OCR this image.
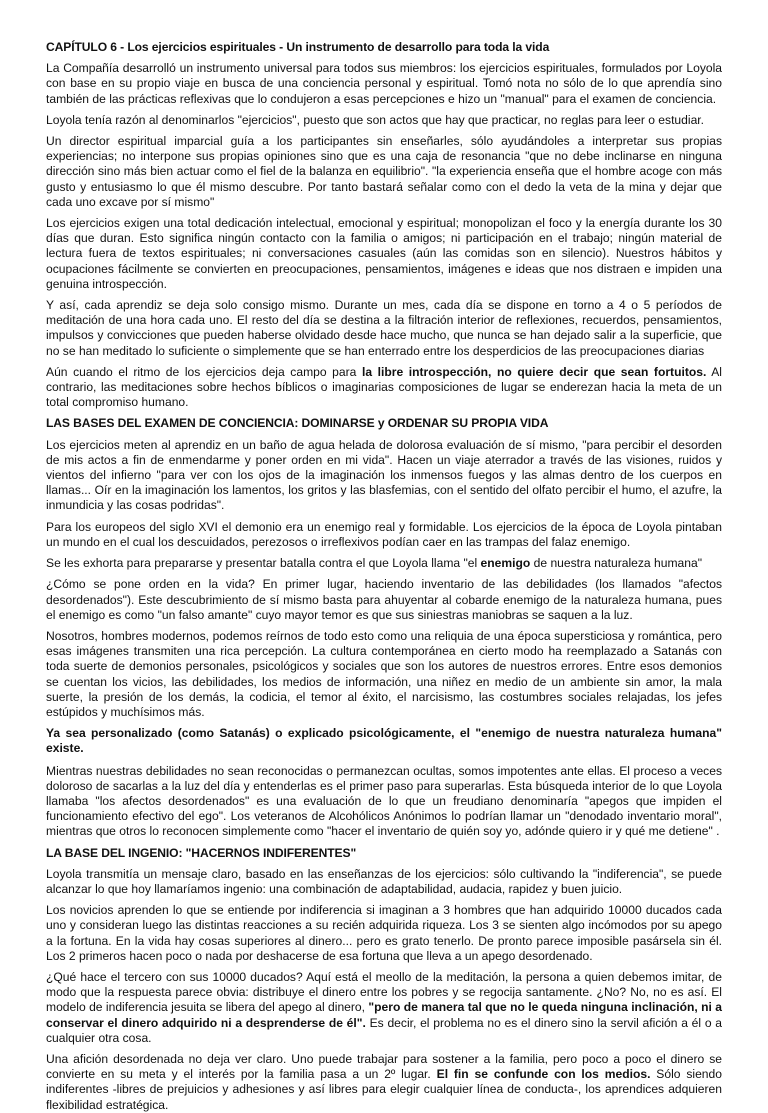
CAPÍTULO 6 - Los ejercicios espirituales - Un instrumento de desarrollo para toda la vida
La Compañía desarrolló un instrumento universal para todos sus miembros: los ejercicios espirituales, formulados por Loyola con base en su propio viaje en busca de una conciencia personal y espiritual. Tomó nota no sólo de lo que aprendía sino también de las prácticas reflexivas que lo condujeron a esas percepciones e hizo un "manual" para el examen de conciencia.
Loyola tenía razón al denominarlos "ejercicios", puesto que son actos que hay que practicar, no reglas para leer o estudiar.
Un director espiritual imparcial guía a los participantes sin enseñarles, sólo ayudándoles a interpretar sus propias experiencias; no interpone sus propias opiniones sino que es una caja de resonancia "que no debe inclinarse en ninguna dirección sino más bien actuar como el fiel de la balanza en equilibrio". "la experiencia enseña que el hombre acoge con más gusto y entusiasmo lo que él mismo descubre. Por tanto bastará señalar como con el dedo la veta de la mina y dejar que cada uno excave por sí mismo"
Los ejercicios exigen una total dedicación intelectual, emocional y espiritual; monopolizan el foco y la energía durante los 30 días que duran. Esto significa ningún contacto con la familia o amigos; ni participación en el trabajo; ningún material de lectura fuera de textos espirituales; ni conversaciones casuales (aún las comidas son en silencio). Nuestros hábitos y ocupaciones fácilmente se convierten en preocupaciones, pensamientos, imágenes e ideas que nos distraen e impiden una genuina introspección.
Y así, cada aprendiz se deja solo consigo mismo. Durante un mes, cada día se dispone en torno a 4 o 5 períodos de meditación de una hora cada uno. El resto del día se destina a la filtración interior de reflexiones, recuerdos, pensamientos, impulsos y convicciones que pueden haberse olvidado desde hace mucho, que nunca se han dejado salir a la superficie, que no se han meditado lo suficiente o simplemente que se han enterrado entre los desperdicios de las preocupaciones diarias
Aún cuando el ritmo de los ejercicios deja campo para la libre introspección, no quiere decir que sean fortuitos. Al contrario, las meditaciones sobre hechos bíblicos o imaginarias composiciones de lugar se enderezan hacia la meta de un total compromiso humano.
LAS BASES DEL EXAMEN DE CONCIENCIA: DOMINARSE y ORDENAR SU PROPIA VIDA
Los ejercicios meten al aprendiz en un baño de agua helada de dolorosa evaluación de sí mismo, "para percibir el desorden de mis actos a fin de enmendarme y poner orden en mi vida". Hacen un viaje aterrador a través de las visiones, ruidos y vientos del infierno "para ver con los ojos de la imaginación los inmensos fuegos y las almas dentro de los cuerpos en llamas... Oír en la imaginación los lamentos, los gritos y las blasfemias, con el sentido del olfato percibir el humo, el azufre, la inmundicia y las cosas podridas".
Para los europeos del siglo XVI el demonio era un enemigo real y formidable. Los ejercicios de la época de Loyola pintaban un mundo en el cual los descuidados, perezosos o irreflexivos podían caer en las trampas del falaz enemigo.
Se les exhorta para prepararse y presentar batalla contra el que Loyola llama "el enemigo de nuestra naturaleza humana"
¿Cómo se pone orden en la vida? En primer lugar, haciendo inventario de las debilidades (los llamados "afectos desordenados"). Este descubrimiento de sí mismo basta para ahuyentar al cobarde enemigo de la naturaleza humana, pues el enemigo es como "un falso amante" cuyo mayor temor es que sus siniestras maniobras se saquen a la luz.
Nosotros, hombres modernos, podemos reírnos de todo esto como una reliquia de una época supersticiosa y romántica, pero esas imágenes transmiten una rica percepción. La cultura contemporánea en cierto modo ha reemplazado a Satanás con toda suerte de demonios personales, psicológicos y sociales que son los autores de nuestros errores. Entre esos demonios se cuentan los vicios, las debilidades, los medios de información, una niñez en medio de un ambiente sin amor, la mala suerte, la presión de los demás, la codicia, el temor al éxito, el narcisismo, las costumbres sociales relajadas, los jefes estúpidos y muchísimos más.
Ya sea personalizado (como Satanás) o explicado psicológicamente, el "enemigo de nuestra naturaleza humana" existe.
Mientras nuestras debilidades no sean reconocidas o permanezcan ocultas, somos impotentes ante ellas. El proceso a veces doloroso de sacarlas a la luz del día y entenderlas es el primer paso para superarlas. Esta búsqueda interior de lo que Loyola llamaba "los afectos desordenados" es una evaluación de lo que un freudiano denominaría "apegos que impiden el funcionamiento efectivo del ego". Los veteranos de Alcohólicos Anónimos lo podrían llamar un "denodado inventario moral", mientras que otros lo reconocen simplemente como "hacer el inventario de quién soy yo, adónde quiero ir y qué me detiene" .
LA BASE DEL INGENIO: "HACERNOS INDIFERENTES"
Loyola transmitía un mensaje claro, basado en las enseñanzas de los ejercicios: sólo cultivando la "indiferencia", se puede alcanzar lo que hoy llamaríamos ingenio: una combinación de adaptabilidad, audacia, rapidez y buen juicio.
Los novicios aprenden lo que se entiende por indiferencia si imaginan a 3 hombres que han adquirido 10000 ducados cada uno y consideran luego las distintas reacciones a su recién adquirida riqueza. Los 3 se sienten algo incómodos por su apego a la fortuna. En la vida hay cosas superiores al dinero... pero es grato tenerlo. De pronto parece imposible pasársela sin él. Los 2 primeros hacen poco o nada por deshacerse de esa fortuna que lleva a un apego desordenado.
¿Qué hace el tercero con sus 10000 ducados? Aquí está el meollo de la meditación, la persona a quien debemos imitar, de modo que la respuesta parece obvia: distribuye el dinero entre los pobres y se regocija santamente. ¿No? No, no es así. El modelo de indiferencia jesuita se libera del apego al dinero, "pero de manera tal que no le queda ninguna inclinación, ni a conservar el dinero adquirido ni a desprenderse de él". Es decir, el problema no es el dinero sino la servil afición a él o a cualquier otra cosa.
Una afición desordenada no deja ver claro. Uno puede trabajar para sostener a la familia, pero poco a poco el dinero se convierte en su meta y el interés por la familia pasa a un 2º lugar. El fin se confunde con los medios. Sólo siendo indiferentes -libres de prejuicios y adhesiones y así libres para elegir cualquier línea de conducta-, los aprendices adquieren flexibilidad estratégica.
